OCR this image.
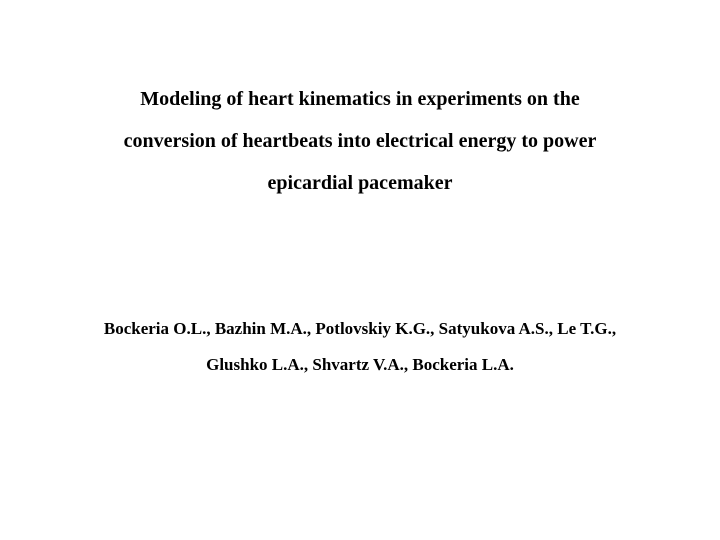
Modeling of heart kinematics in experiments on the
conversion of heartbeats into electrical energy to power
epicardial pacemaker
Bockeria O.L., Bazhin M.A., Potlovskiy K.G., Satyukova A.S., Le T.G.,
Glushko L.A., Shvartz V.A., Bockeria L.A.
